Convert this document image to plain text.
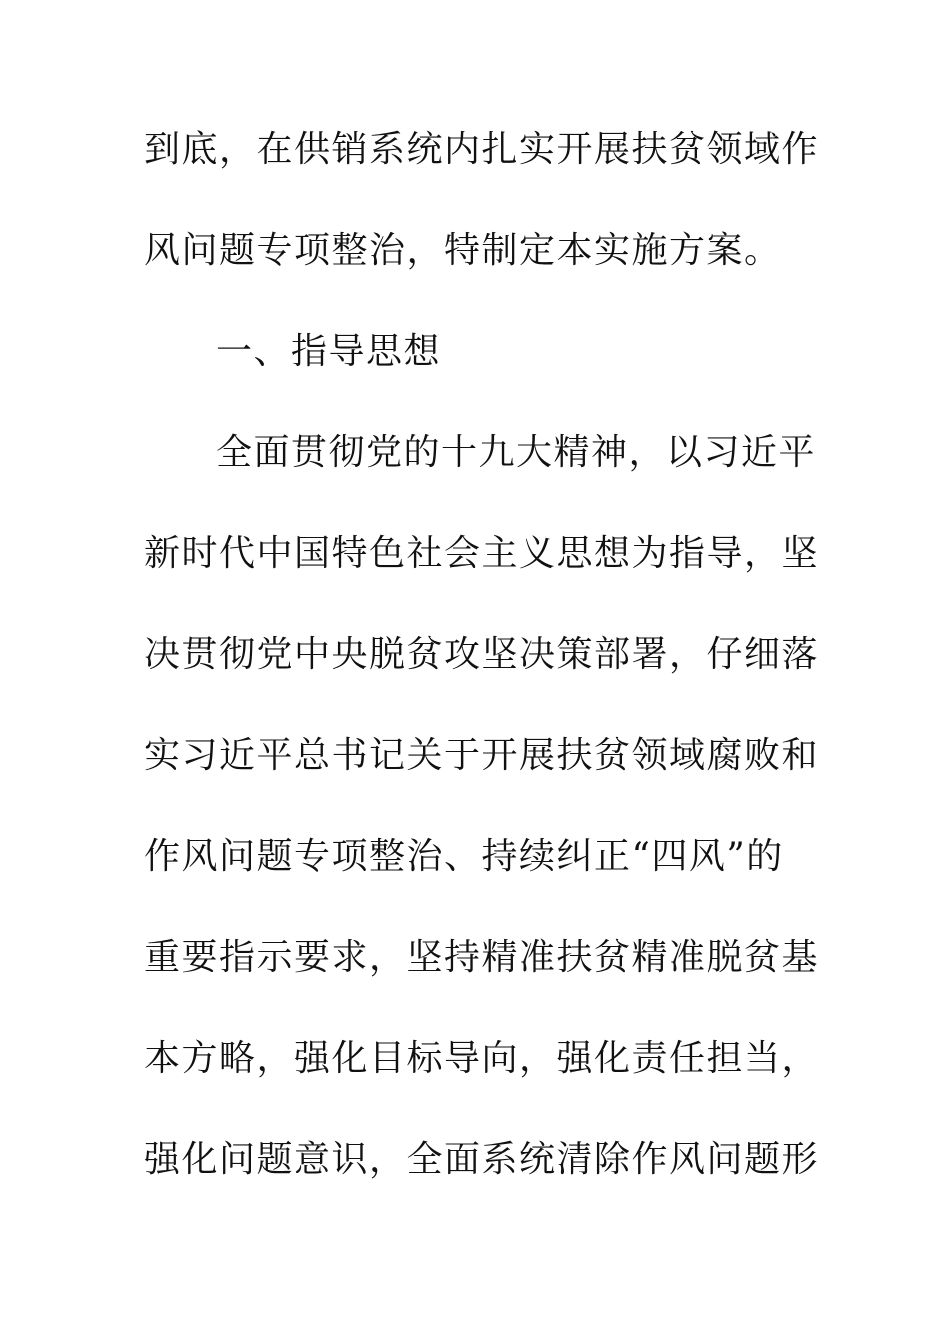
到底，在供销系统内扎实开展扶贫领域作

风问题专项整治，特制定本实施方案。

一、指导思想

全面贯彻党的十九大精神，以习近平

新时代中国特色社会主义思想为指导，坚

决贯彻党中央脱贫攻坚决策部署，仔细落

实习近平总书记关于开展扶贫领域腐败和

作风问题专项整治、持续纠正“四风”的

重要指示要求，坚持精准扶贫精准脱贫基

本方略，强化目标导向，强化责任担当，

强化问题意识，全面系统清除作风问题形
